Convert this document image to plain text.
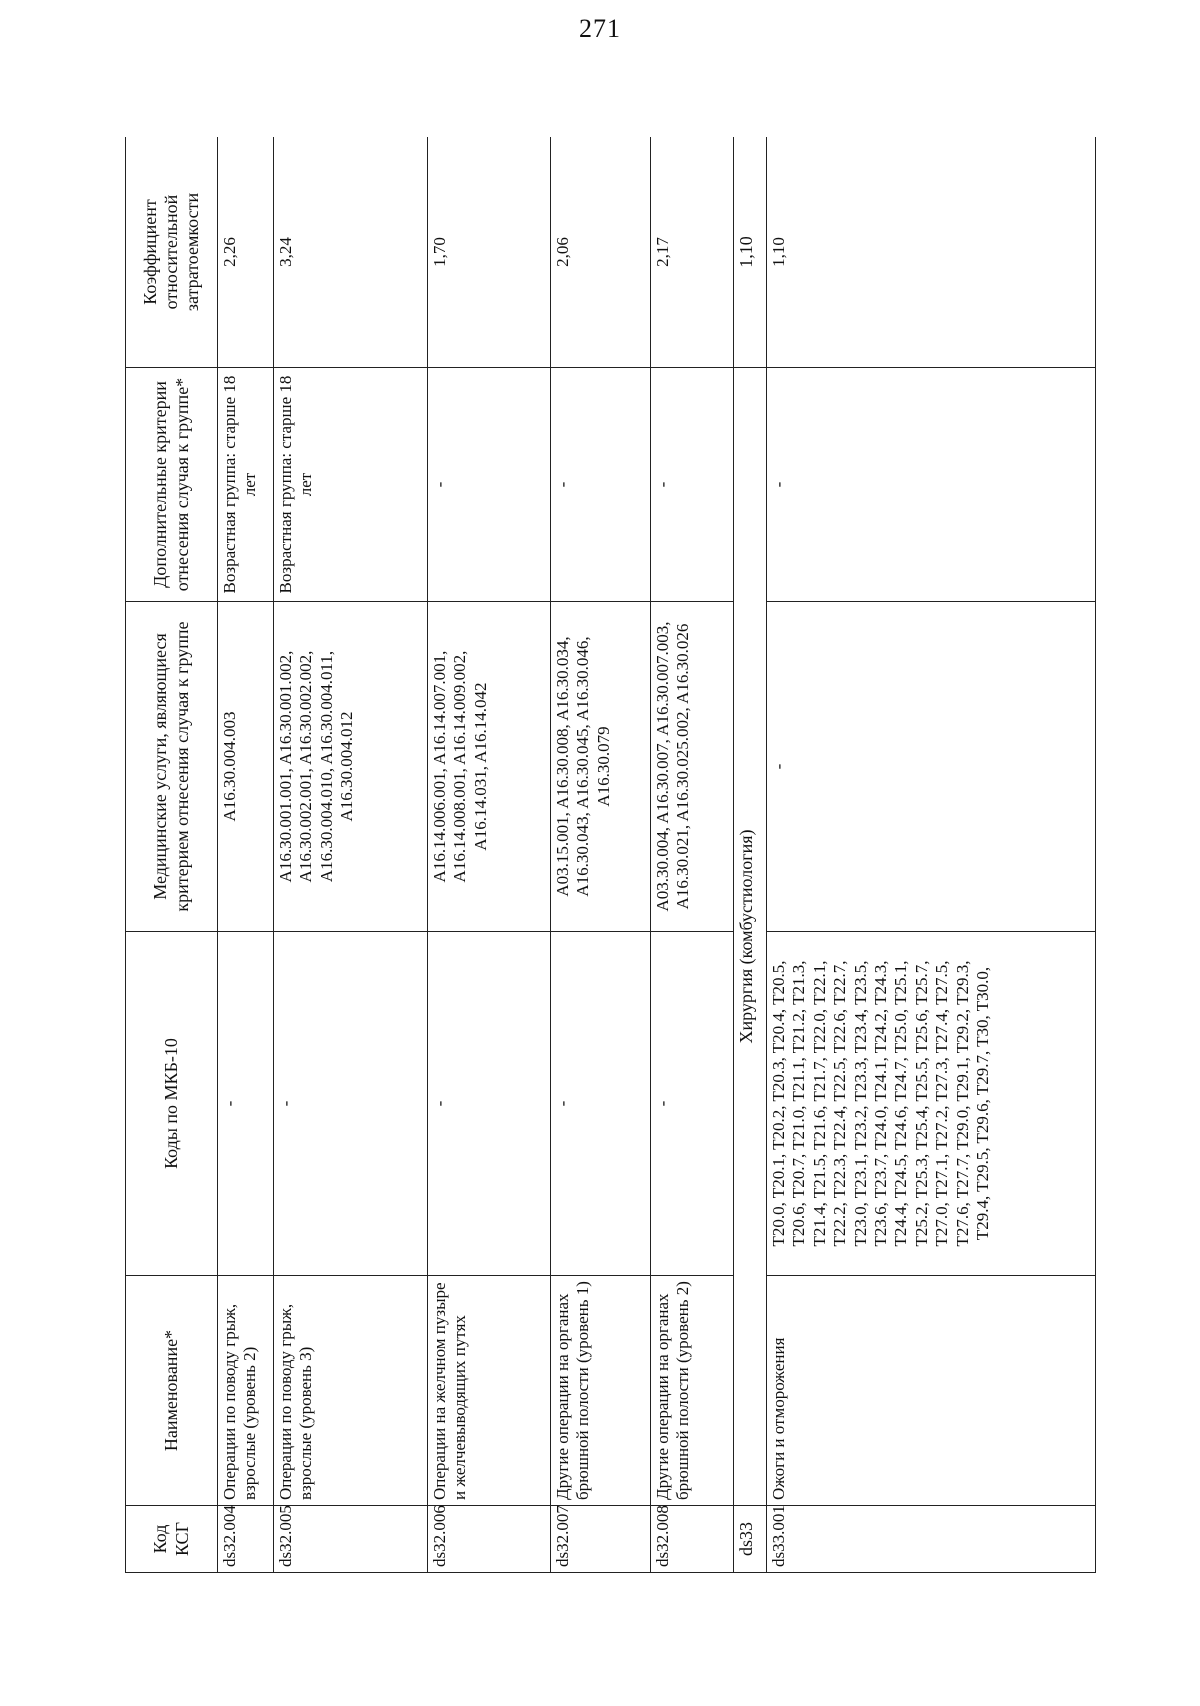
271
Код КСГ	Наименование*	Коды по МКБ-10	Медицинские услуги, являющиеся критерием отнесения случая к группе	Дополнительные критерии отнесения случая к группе*	Коэффициент относительной затратоемкости
ds32.004	Операции по поводу грыж, взрослые (уровень 2)	-	A16.30.004.003	Возрастная группа: старше 18 лет	2,26
ds32.005	Операции по поводу грыж, взрослые (уровень 3)	-	A16.30.001.001, A16.30.001.002, A16.30.002.001, A16.30.002.002, A16.30.004.010, A16.30.004.011, A16.30.004.012	Возрастная группа: старше 18 лет	3,24
ds32.006	Операции на желчном пузыре и желчевыводящих путях	-	A16.14.006.001, A16.14.007.001, A16.14.008.001, A16.14.009.002, A16.14.031, A16.14.042	-	1,70
ds32.007	Другие операции на органах брюшной полости (уровень 1)	-	A03.15.001, A16.30.008, A16.30.034, A16.30.043, A16.30.045, A16.30.046, A16.30.079	-	2,06
ds32.008	Другие операции на органах брюшной полости (уровень 2)	-	A03.30.004, A16.30.007, A16.30.007.003, A16.30.021, A16.30.025.002, A16.30.026	-	2,17
ds33	Хирургия (комбустиология)				1,10
ds33.001	Ожоги и отморожения	T20.0, T20.1, T20.2, T20.3, T20.4, T20.5, T20.6, T20.7, T21.0, T21.1, T21.2, T21.3, T21.4, T21.5, T21.6, T21.7, T22.0, T22.1, T22.2, T22.3, T22.4, T22.5, T22.6, T22.7, T23.0, T23.1, T23.2, T23.3, T23.4, T23.5, T23.6, T23.7, T24.0, T24.1, T24.2, T24.3, T24.4, T24.5, T24.6, T24.7, T25.0, T25.1, T25.2, T25.3, T25.4, T25.5, T25.6, T25.7, T27.0, T27.1, T27.2, T27.3, T27.4, T27.5, T27.6, T27.7, T29.0, T29.1, T29.2, T29.3, T29.4, T29.5, T29.6, T29.7, T30, T30.0,	-	-	1,10
